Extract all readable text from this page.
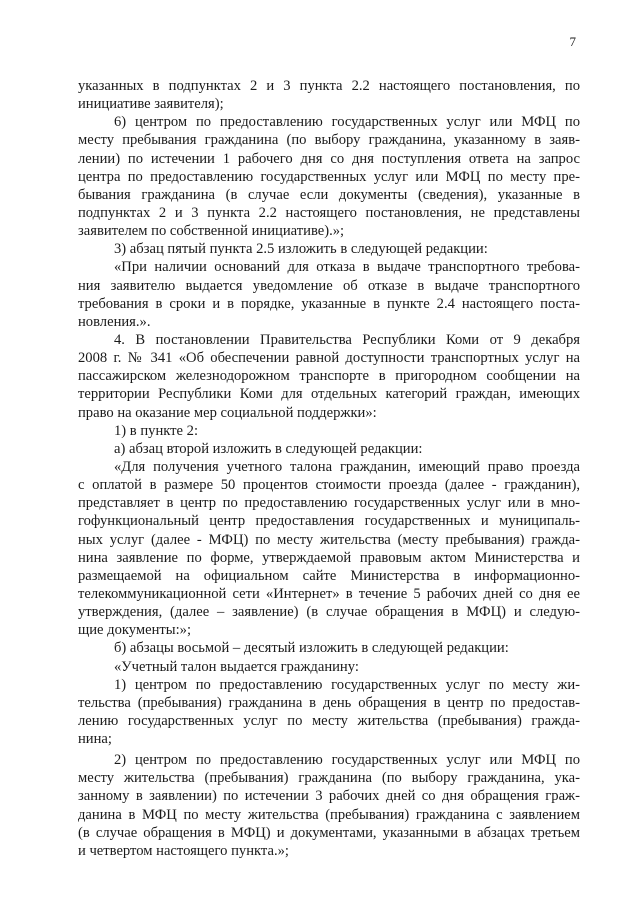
7
указанных в подпунктах 2 и 3 пункта 2.2 настоящего постановления, по
инициативе заявителя);
6) центром по предоставлению государственных услуг или МФЦ по
месту пребывания гражданина (по выбору гражданина, указанному в заяв-
лении) по истечении 1 рабочего дня со дня поступления ответа на запрос
центра по предоставлению государственных услуг или МФЦ по месту пре-
бывания гражданина (в случае если документы (сведения), указанные в
подпунктах 2 и 3 пункта 2.2 настоящего постановления, не представлены
заявителем по собственной инициативе).»;
3) абзац пятый пункта 2.5 изложить в следующей редакции:
«При наличии оснований для отказа в выдаче транспортного требова-
ния заявителю выдается уведомление об отказе в выдаче транспортного
требования в сроки и в порядке, указанные в пункте 2.4 настоящего поста-
новления.».
4. В постановлении Правительства Республики Коми от 9 декабря
2008 г. № 341 «Об обеспечении равной доступности транспортных услуг на
пассажирском железнодорожном транспорте в пригородном сообщении на
территории Республики Коми для отдельных категорий граждан, имеющих
право на оказание мер социальной поддержки»:
1) в пункте 2:
а) абзац второй изложить в следующей редакции:
«Для получения учетного талона гражданин, имеющий право проезда
с оплатой в размере 50 процентов стоимости проезда (далее - гражданин),
представляет в центр по предоставлению государственных услуг или в мно-
гофункциональный центр предоставления государственных и муниципаль-
ных услуг (далее - МФЦ) по месту жительства (месту пребывания) гражда-
нина заявление по форме, утверждаемой правовым актом Министерства и
размещаемой на официальном сайте Министерства в информационно-
телекоммуникационной сети «Интернет» в течение 5 рабочих дней со дня ее
утверждения, (далее – заявление) (в случае обращения в МФЦ) и следую-
щие документы:»;
б) абзацы восьмой – десятый изложить в следующей редакции:
«Учетный талон выдается гражданину:
1) центром по предоставлению государственных услуг по месту жи-
тельства (пребывания) гражданина в день обращения в центр по предостав-
лению государственных услуг по месту жительства (пребывания) гражда-
нина;
2) центром по предоставлению государственных услуг или МФЦ по
месту жительства (пребывания) гражданина (по выбору гражданина, ука-
занному в заявлении) по истечении 3 рабочих дней со дня обращения граж-
данина в МФЦ по месту жительства (пребывания) гражданина с заявлением
(в случае обращения в МФЦ) и документами, указанными в абзацах третьем
и четвертом настоящего пункта.»;
